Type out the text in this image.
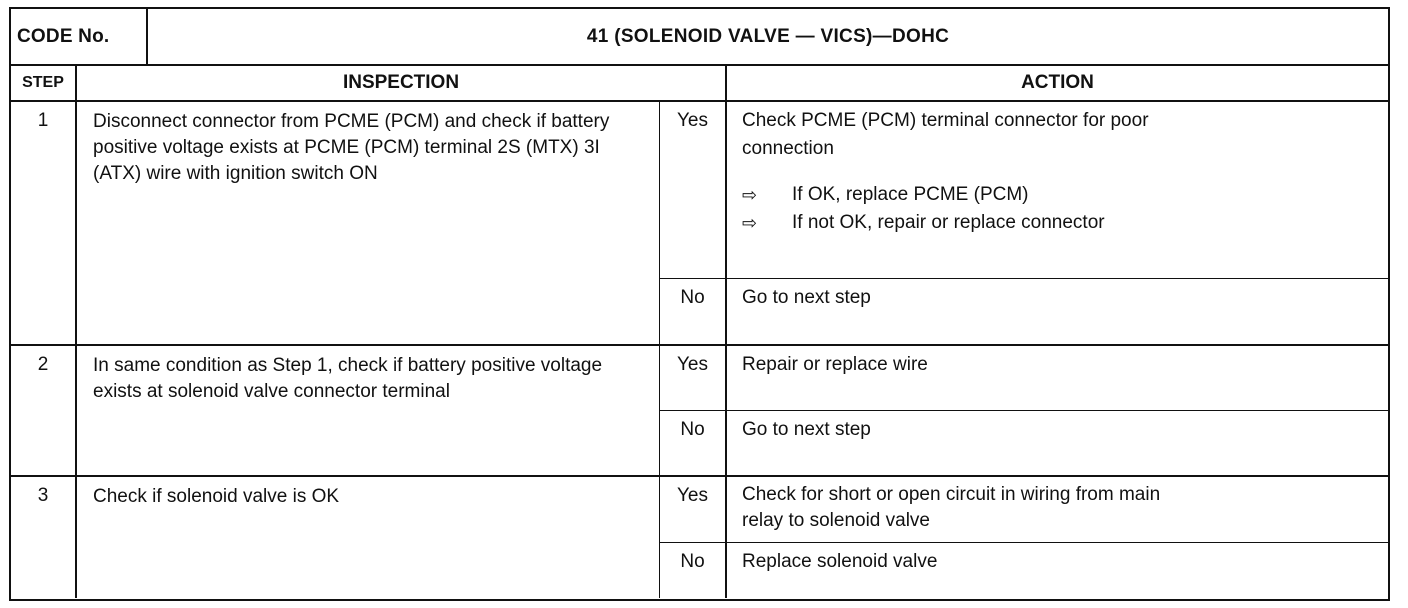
CODE No.	41 (SOLENOID VALVE — VICS)—DOHC
STEP	INSPECTION	ACTION
1	Disconnect connector from PCME (PCM) and check if battery positive voltage exists at PCME (PCM) terminal 2S (MTX) 3I (ATX) wire with ignition switch ON
Yes	Check PCME (PCM) terminal connector for poor connection
⇨	If OK, replace PCME (PCM)
⇨	If not OK, repair or replace connector
No	Go to next step
2	In same condition as Step 1, check if battery positive voltage exists at solenoid valve connector terminal
Yes	Repair or replace wire
No	Go to next step
3	Check if solenoid valve is OK	Yes	Check for short or open circuit in wiring from main relay to solenoid valve
No	Replace solenoid valve
